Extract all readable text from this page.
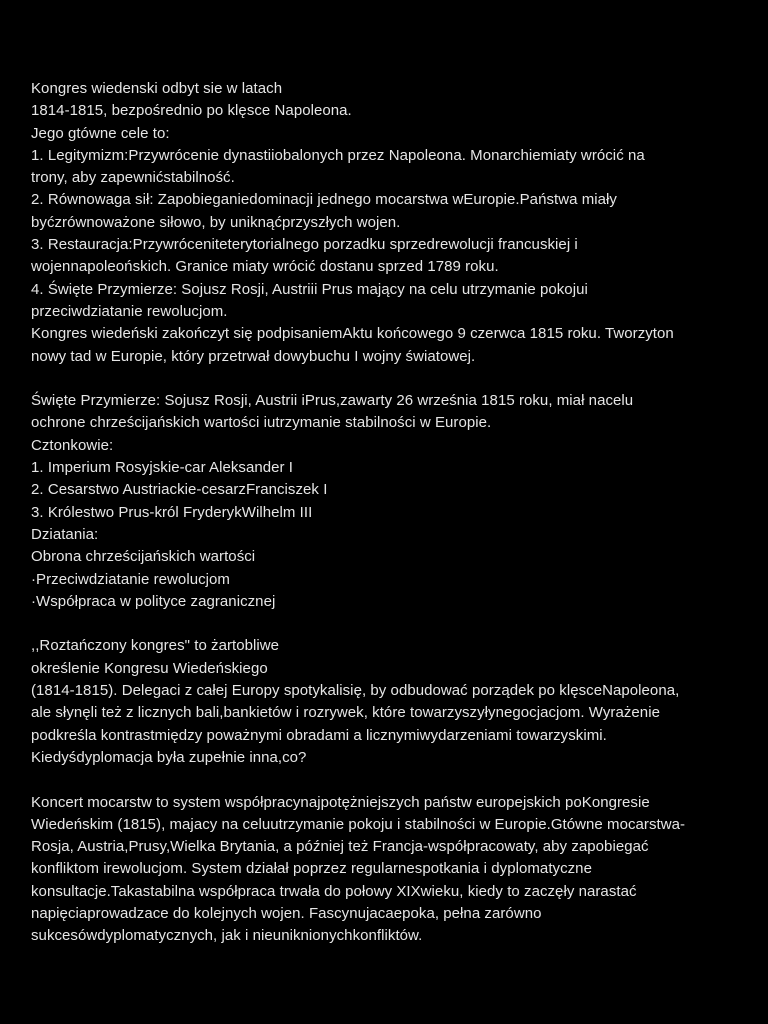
Kongres wiedenski odbyt sie w latach
1814-1815, bezpośrednio po klęsce Napoleona.
Jego gtówne cele to:
1. Legitymizm:Przywrócenie dynastiiobalonych przez Napoleona. Monarchiemiaty wrócić na
trony, aby zapewnićstabilność.
2. Równowaga sił: Zapobieganiedominacji jednego mocarstwa wEuropie.Państwa miały
byćzrównoważone siłowo, by uniknąćprzyszłych wojen.
3. Restauracja:Przywróceniteterytorialnego porzadku sprzedrewolucji francuskiej i
wojennapoleońskich. Granice miaty wrócić dostanu sprzed 1789 roku.
4. Święte Przymierze: Sojusz Rosji, Austriii Prus mający na celu utrzymanie pokojui
przeciwdziatanie rewolucjom.
Kongres wiedeński zakończyt się podpisaniemAktu końcowego 9 czerwca 1815 roku. Tworzyton
nowy tad w Europie, który przetrwał dowybuchu I wojny światowej.
Święte Przymierze: Sojusz Rosji, Austrii iPrus,zawarty 26 września 1815 roku, miał nacelu
ochrone chrześcijańskich wartości iutrzymanie stabilności w Europie.
Cztonkowie:
1. Imperium Rosyjskie-car Aleksander I
2. Cesarstwo Austriackie-cesarzFranciszek I
3. Królestwo Prus-król FryderykWilhelm III
Dziatania:
Obrona chrześcijańskich wartości
·Przeciwdziatanie rewolucjom
·Współpraca w polityce zagranicznej
,,Roztańczony kongres" to żartobliwe
określenie Kongresu Wiedeńskiego
(1814-1815). Delegaci z całej Europy spotykalisię, by odbudować porządek po klęsceNapoleona,
ale słynęli też z licznych bali,bankietów i rozrywek, które towarzyszyłynegocjacjom. Wyrażenie
podkreśla kontrastmiędzy poważnymi obradami a licznymiwydarzeniami towarzyskimi.
Kiedyśdyplomacja była zupełnie inna,co?
Koncert mocarstw to system współpracynajpotężniejszych państw europejskich poKongresie
Wiedeńskim (1815), majacy na celuutrzymanie pokoju i stabilności w Europie.Gtówne mocarstwa-
Rosja, Austria,Prusy,Wielka Brytania, a później też Francja-współpracowaty, aby zapobiegać
konfliktom irewolucjom. System działał poprzez regularnespotkania i dyplomatyczne
konsultacje.Takastabilna współpraca trwała do połowy XIXwieku, kiedy to zaczęły narastać
napięciaprowadzace do kolejnych wojen. Fascynujacaepoka, pełna zarówno
sukcesówdyplomatycznych, jak i nieuniknionychkonfliktów.
